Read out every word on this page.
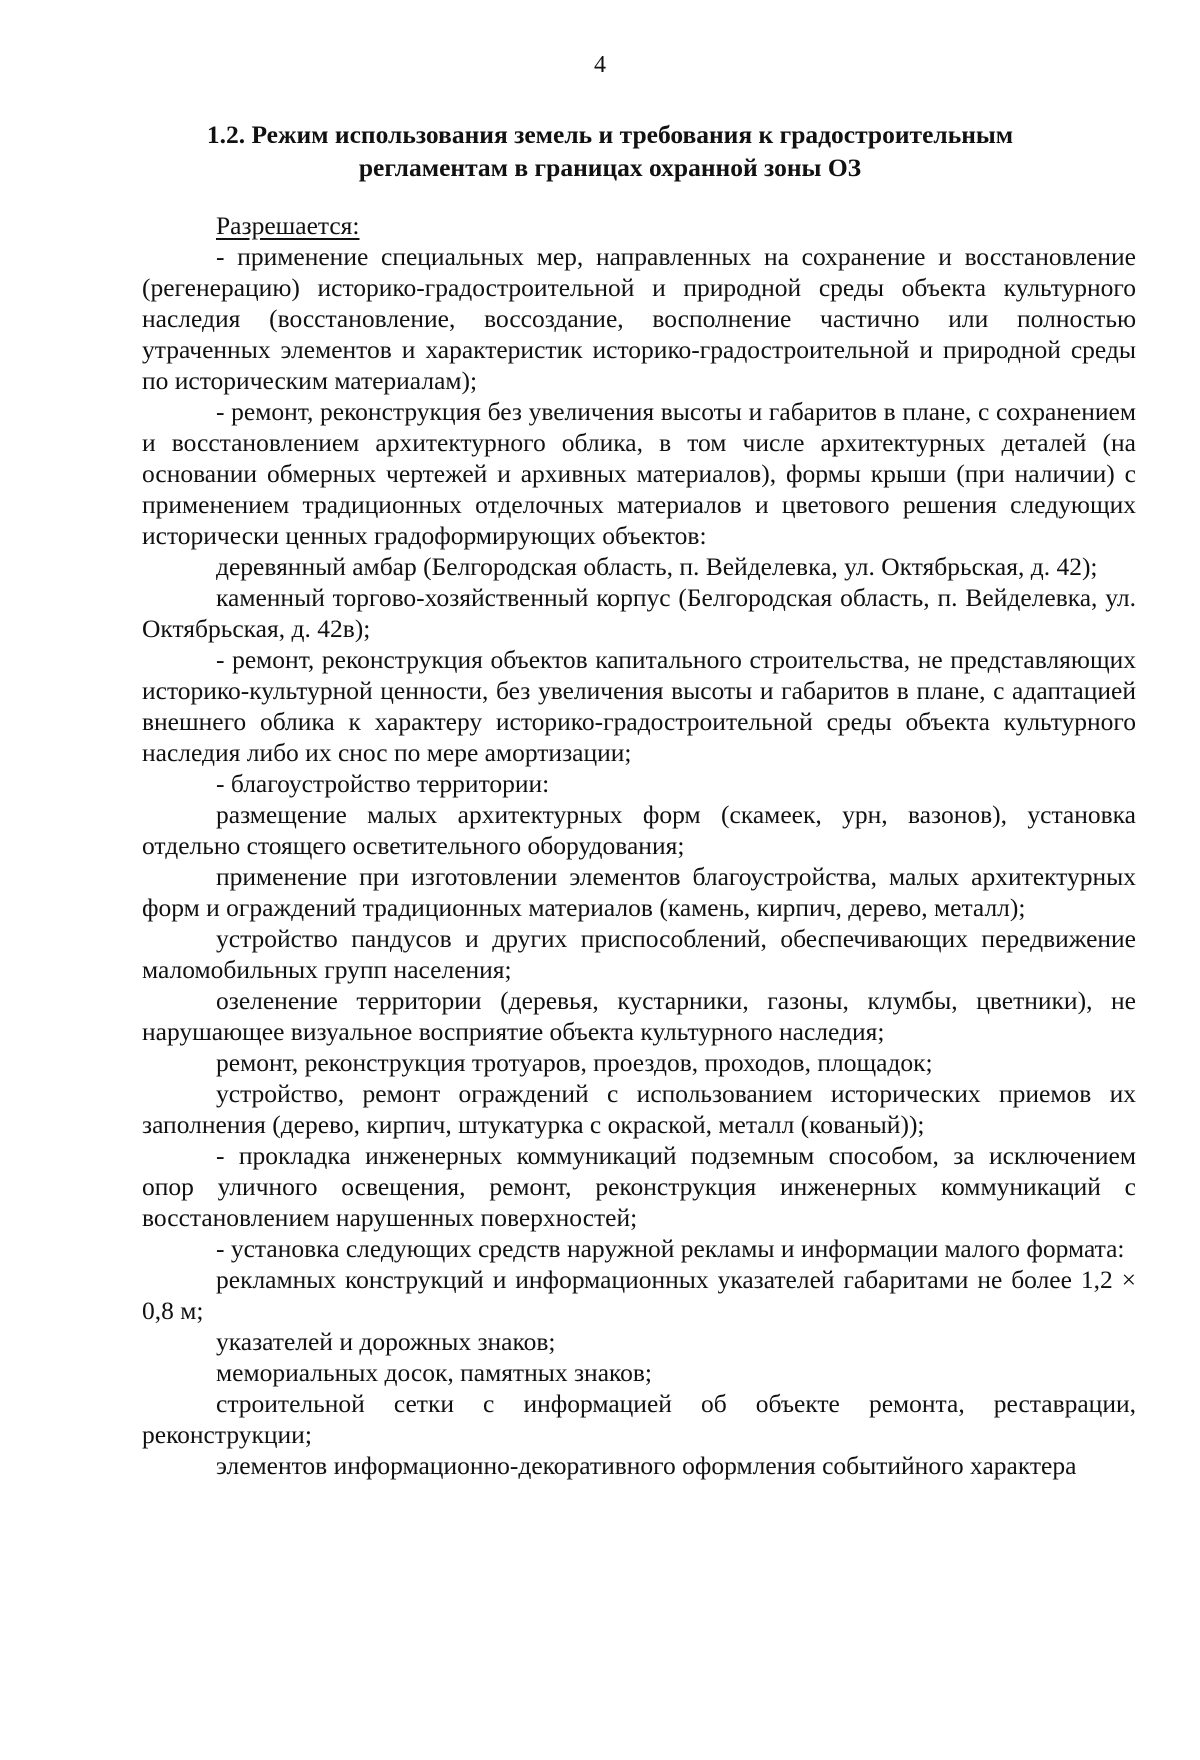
4
1.2. Режим использования земель и требования к градостроительным
регламентам в границах охранной зоны ОЗ

Разрешается:

- применение специальных мер, направленных на сохранение и восстановление (регенерацию) историко-градостроительной и природной среды объекта культурного наследия (восстановление, воссоздание, восполнение частично или полностью утраченных элементов и характеристик историко-градостроительной и природной среды по историческим материалам);

- ремонт, реконструкция без увеличения высоты и габаритов в плане, с сохранением и восстановлением архитектурного облика, в том числе архитектурных деталей (на основании обмерных чертежей и архивных материалов), формы крыши (при наличии) с применением традиционных отделочных материалов и цветового решения следующих исторически ценных градоформирующих объектов:

деревянный амбар (Белгородская область, п. Вейделевка, ул. Октябрьская, д. 42);

каменный торгово-хозяйственный корпус (Белгородская область, п. Вейделевка, ул. Октябрьская, д. 42в);

- ремонт, реконструкция объектов капитального строительства, не представляющих историко-культурной ценности, без увеличения высоты и габаритов в плане, с адаптацией внешнего облика к характеру историко-градостроительной среды объекта культурного наследия либо их снос по мере амортизации;

- благоустройство территории:

размещение малых архитектурных форм (скамеек, урн, вазонов), установка отдельно стоящего осветительного оборудования;

применение при изготовлении элементов благоустройства, малых архитектурных форм и ограждений традиционных материалов (камень, кирпич, дерево, металл);

устройство пандусов и других приспособлений, обеспечивающих передвижение маломобильных групп населения;

озеленение территории (деревья, кустарники, газоны, клумбы, цветники), не нарушающее визуальное восприятие объекта культурного наследия;

ремонт, реконструкция тротуаров, проездов, проходов, площадок;

устройство, ремонт ограждений с использованием исторических приемов их заполнения (дерево, кирпич, штукатурка с окраской, металл (кованый));

- прокладка инженерных коммуникаций подземным способом, за исключением опор уличного освещения, ремонт, реконструкция инженерных коммуникаций с восстановлением нарушенных поверхностей;

- установка следующих средств наружной рекламы и информации малого формата:

рекламных конструкций и информационных указателей габаритами не более 1,2 × 0,8 м;

указателей и дорожных знаков;

мемориальных досок, памятных знаков;

строительной сетки с информацией об объекте ремонта, реставрации, реконструкции;

элементов информационно-декоративного оформления событийного характера
